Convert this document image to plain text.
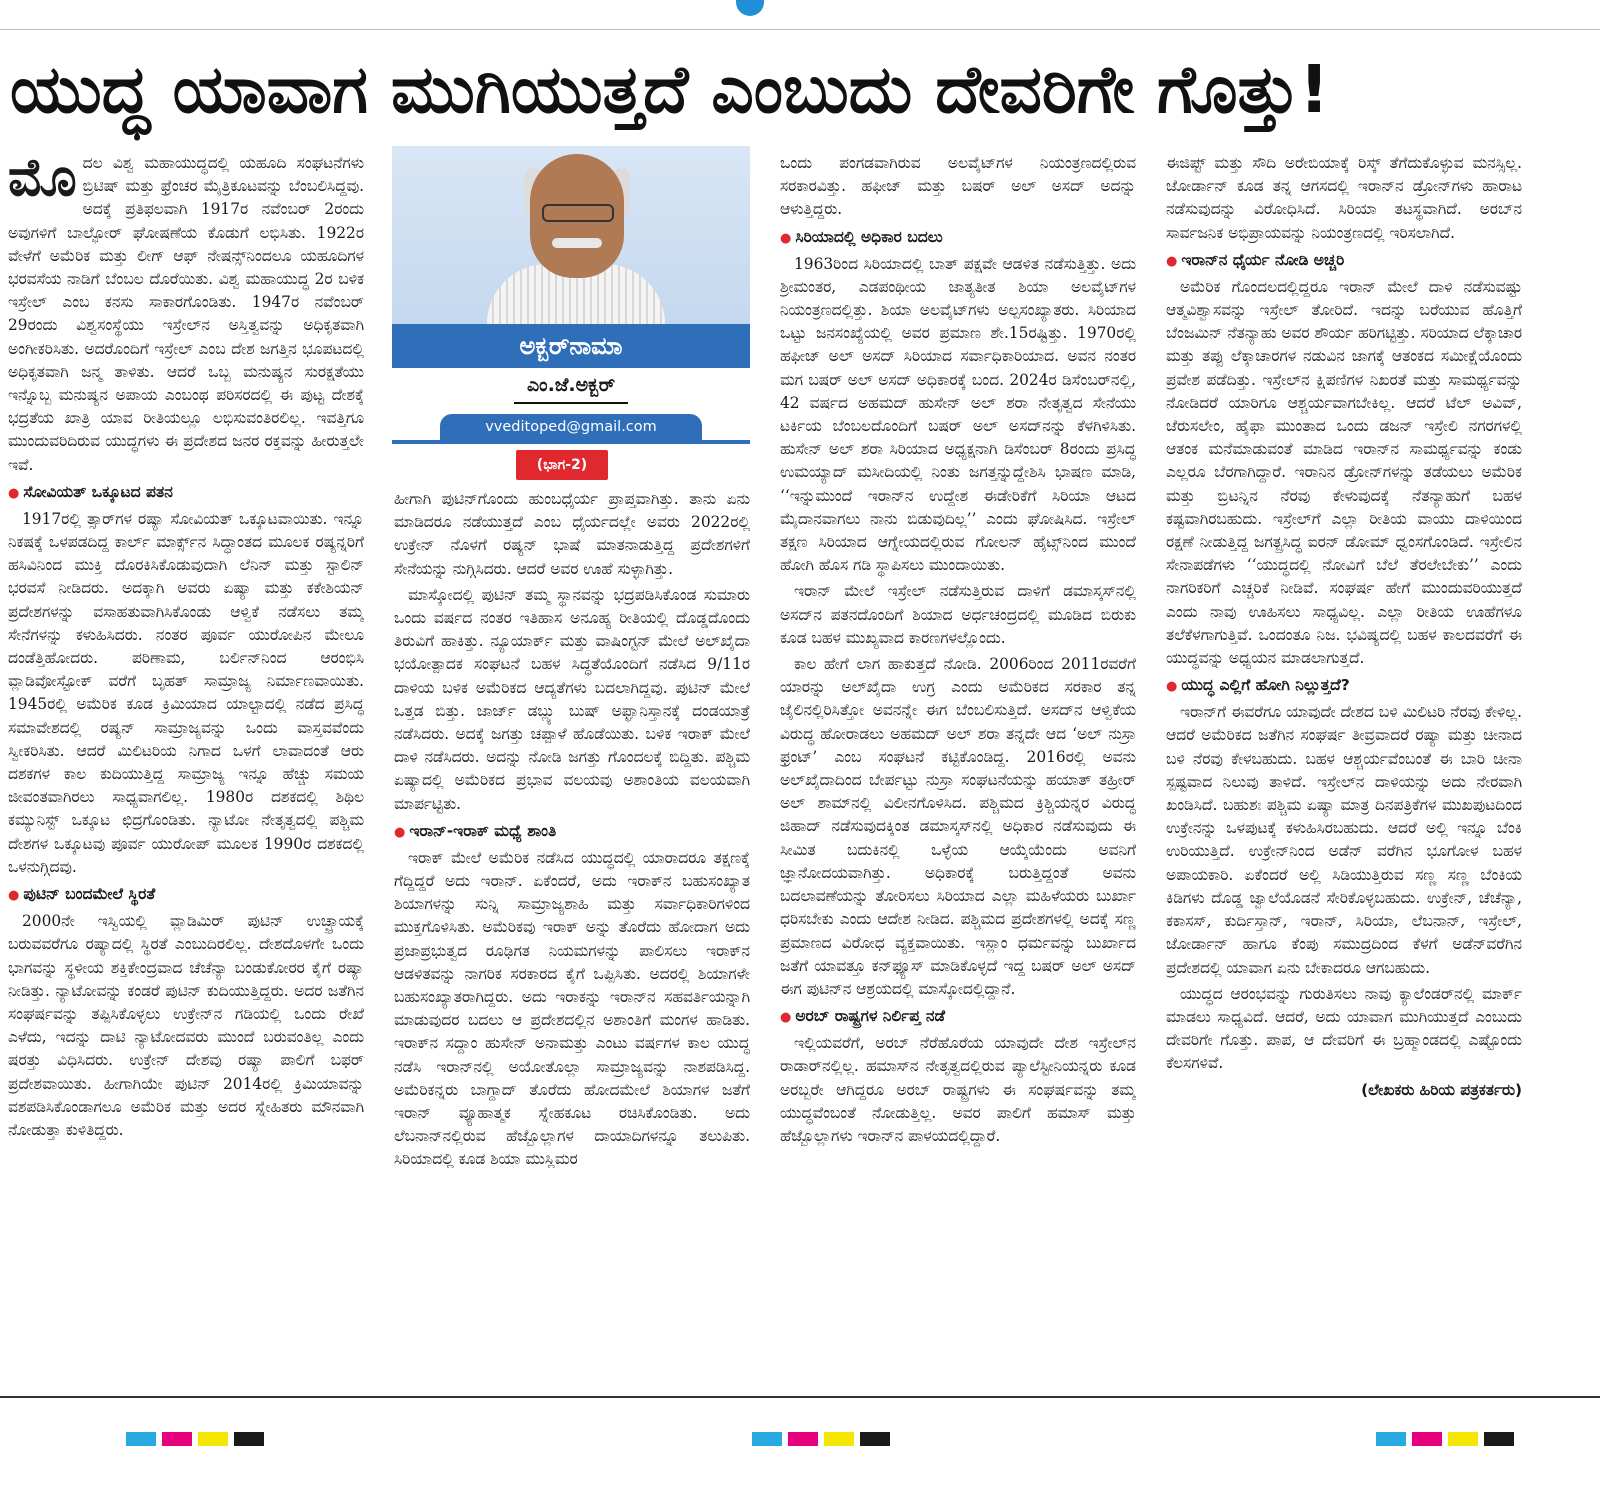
ಯುದ್ಧ ಯಾವಾಗ ಮುಗಿಯುತ್ತದೆ ಎಂಬುದು ದೇವರಿಗೇ ಗೊತ್ತು!

ಮೊದಲ ವಿಶ್ವ ಮಹಾಯುದ್ಧದಲ್ಲಿ ಯಹೂದಿ ಸಂಘಟನೆಗಳು ಬ್ರಿಟಿಷ್ ಮತ್ತು ಫ್ರೆಂಚರ ಮೈತ್ರಿಕೂಟವನ್ನು ಬೆಂಬಲಿಸಿದ್ದವು. ಅದಕ್ಕೆ ಪ್ರತಿಫಲವಾಗಿ 1917ರ ನವೆಂಬರ್ 2ರಂದು ಅವುಗಳಿಗೆ ಬಾಲ್ಫೋರ್ ಘೋಷಣೆಯ ಕೊಡುಗೆ ಲಭಿಸಿತು. 1922ರ ವೇಳೆಗೆ ಅಮೆರಿಕ ಮತ್ತು ಲೀಗ್ ಆಫ್ ನೇಷನ್ಸ್‌ನಿಂದಲೂ ಯಹೂದಿಗಳ ಭರವಸೆಯ ನಾಡಿಗೆ ಬೆಂಬಲ ದೊರೆಯಿತು. ವಿಶ್ವ ಮಹಾಯುದ್ಧ 2ರ ಬಳಿಕ ಇಸ್ರೇಲ್ ಎಂಬ ಕನಸು ಸಾಕಾರಗೊಂಡಿತು. 1947ರ ನವೆಂಬರ್ 29ರಂದು ವಿಶ್ವಸಂಸ್ಥೆಯು ಇಸ್ರೇಲ್‌ನ ಅಸ್ತಿತ್ವವನ್ನು ಅಧಿಕೃತವಾಗಿ ಅಂಗೀಕರಿಸಿತು. ಅದರೊಂದಿಗೆ ಇಸ್ರೇಲ್ ಎಂಬ ದೇಶ ಜಗತ್ತಿನ ಭೂಪಟದಲ್ಲಿ ಅಧಿಕೃತವಾಗಿ ಜನ್ಮ ತಾಳಿತು. ಆದರೆ ಒಬ್ಬ ಮನುಷ್ಯನ ಸುರಕ್ಷತೆಯು ಇನ್ನೊಬ್ಬ ಮನುಷ್ಯನ ಅಪಾಯ ಎಂಬಂಥ ಪರಿಸರದಲ್ಲಿ ಈ ಪುಟ್ಟ ದೇಶಕ್ಕೆ ಭದ್ರತೆಯ ಖಾತ್ರಿ ಯಾವ ರೀತಿಯಲ್ಲೂ ಲಭಿಸುವಂತಿರಲಿಲ್ಲ. ಇವತ್ತಿಗೂ ಮುಂದುವರಿದಿರುವ ಯುದ್ಧಗಳು ಈ ಪ್ರದೇಶದ ಜನರ ರಕ್ತವನ್ನು ಹೀರುತ್ತಲೇ ಇವೆ.

● ಸೋವಿಯತ್ ಒಕ್ಕೂಟದ ಪತನ

1917ರಲ್ಲಿ ತ್ಸಾರ್‌ಗಳ ರಷ್ಯಾ ಸೋವಿಯತ್ ಒಕ್ಕೂಟವಾಯಿತು. ಇನ್ನೂ ನಿಕಷಕ್ಕೆ ಒಳಪಡದಿದ್ದ ಕಾರ್ಲ್ ಮಾರ್ಕ್ಸ್‌ನ ಸಿದ್ಧಾಂತದ ಮೂಲಕ ರಷ್ಯನ್ನರಿಗೆ ಹಸಿವಿನಿಂದ ಮುಕ್ತಿ ದೊರಕಿಸಿಕೊಡುವುದಾಗಿ ಲೆನಿನ್ ಮತ್ತು ಸ್ಟಾಲಿನ್ ಭರವಸೆ ನೀಡಿದರು. ಅದಕ್ಕಾಗಿ ಅವರು ಏಷ್ಯಾ ಮತ್ತು ಕಕೇಶಿಯನ್ ಪ್ರದೇಶಗಳನ್ನು ವಸಾಹತುವಾಗಿಸಿಕೊಂಡು ಆಳ್ವಿಕೆ ನಡೆಸಲು ತಮ್ಮ ಸೇನೆಗಳನ್ನು ಕಳುಹಿಸಿದರು. ನಂತರ ಪೂರ್ವ ಯುರೋಪಿನ ಮೇಲೂ ದಂಡೆತ್ತಿಹೋದರು. ಪರಿಣಾಮ, ಬರ್ಲಿನ್‌ನಿಂದ ಆರಂಭಿಸಿ ವ್ಲಾಡಿವೋಸ್ಟೋಕ್ ವರೆಗೆ ಬೃಹತ್ ಸಾಮ್ರಾಜ್ಯ ನಿರ್ಮಾಣವಾಯಿತು. 1945ರಲ್ಲಿ ಅಮೆರಿಕ ಕೂಡ ಕ್ರಿಮಿಯಾದ ಯಾಲ್ಟಾದಲ್ಲಿ ನಡೆದ ಪ್ರಸಿದ್ಧ ಸಮಾವೇಶದಲ್ಲಿ ರಷ್ಯನ್ ಸಾಮ್ರಾಜ್ಯವನ್ನು ಒಂದು ವಾಸ್ತವವೆಂದು ಸ್ವೀಕರಿಸಿತು. ಆದರೆ ಮಿಲಿಟರಿಯ ನಿಗಾದ ಒಳಗೆ ಲಾವಾದಂತೆ ಆರು ದಶಕಗಳ ಕಾಲ ಕುದಿಯುತ್ತಿದ್ದ ಸಾಮ್ರಾಜ್ಯ ಇನ್ನೂ ಹೆಚ್ಚು ಸಮಯ ಜೀವಂತವಾಗಿರಲು ಸಾಧ್ಯವಾಗಲಿಲ್ಲ. 1980ರ ದಶಕದಲ್ಲಿ ಶಿಥಿಲ ಕಮ್ಯುನಿಸ್ಟ್ ಒಕ್ಕೂಟ ಛಿದ್ರಗೊಂಡಿತು. ನ್ಯಾಟೋ ನೇತೃತ್ವದಲ್ಲಿ ಪಶ್ಚಿಮ ದೇಶಗಳ ಒಕ್ಕೂಟವು ಪೂರ್ವ ಯುರೋಪ್ ಮೂಲಕ 1990ರ ದಶಕದಲ್ಲಿ ಒಳನುಗ್ಗಿದವು.

● ಪುಟಿನ್ ಬಂದಮೇಲೆ ಸ್ಥಿರತೆ

2000ನೇ ಇಸ್ವಿಯಲ್ಲಿ ವ್ಲಾಡಿಮಿರ್ ಪುಟಿನ್ ಉಚ್ಛ್ರಾಯಕ್ಕೆ ಬರುವವರೆಗೂ ರಷ್ಯಾದಲ್ಲಿ ಸ್ಥಿರತೆ ಎಂಬುದಿರಲಿಲ್ಲ. ದೇಶದೊಳಗೇ ಒಂದು ಭಾಗವನ್ನು ಸ್ಥಳೀಯ ಶಕ್ತಿಕೇಂದ್ರವಾದ ಚೆಚೆನ್ಯಾ ಬಂಡುಕೋರರ ಕೈಗೆ ರಷ್ಯಾ ನೀಡಿತ್ತು. ನ್ಯಾಟೋವನ್ನು ಕಂಡರೆ ಪುಟಿನ್ ಕುದಿಯುತ್ತಿದ್ದರು. ಅದರ ಜತೆಗಿನ ಸಂಘರ್ಷವನ್ನು ತಪ್ಪಿಸಿಕೊಳ್ಳಲು ಉಕ್ರೇನ್‌ನ ಗಡಿಯಲ್ಲಿ ಒಂದು ರೇಖೆ ಎಳೆದು, ಇದನ್ನು ದಾಟಿ ನ್ಯಾಟೋದವರು ಮುಂದೆ ಬರುವಂತಿಲ್ಲ ಎಂದು ಷರತ್ತು ವಿಧಿಸಿದರು. ಉಕ್ರೇನ್ ದೇಶವು ರಷ್ಯಾ ಪಾಲಿಗೆ ಬಫರ್ ಪ್ರದೇಶವಾಯಿತು. ಹೀಗಾಗಿಯೇ ಪುಟಿನ್ 2014ರಲ್ಲಿ ಕ್ರಿಮಿಯಾವನ್ನು ವಶಪಡಿಸಿಕೊಂಡಾಗಲೂ ಅಮೆರಿಕ ಮತ್ತು ಅದರ ಸ್ನೇಹಿತರು ಮೌನವಾಗಿ ನೋಡುತ್ತಾ ಕುಳಿತಿದ್ದರು.

ಅಕ್ಬರ್‌ನಾಮಾ
ಎಂ.ಜೆ.ಅಕ್ಬರ್
vveditoped@gmail.com
(ಭಾಗ-2)

ಹೀಗಾಗಿ ಪುಟಿನ್‌ಗೊಂದು ಹುಂಬಧೈರ್ಯ ಪ್ರಾಪ್ತವಾಗಿತ್ತು. ತಾನು ಏನು ಮಾಡಿದರೂ ನಡೆಯುತ್ತದೆ ಎಂಬ ಧೈರ್ಯದಲ್ಲೇ ಅವರು 2022ರಲ್ಲಿ ಉಕ್ರೇನ್ ನೊಳಗೆ ರಷ್ಯನ್ ಭಾಷೆ ಮಾತನಾಡುತ್ತಿದ್ದ ಪ್ರದೇಶಗಳಿಗೆ ಸೇನೆಯನ್ನು ನುಗ್ಗಿಸಿದರು. ಆದರೆ ಅವರ ಊಹೆ ಸುಳ್ಳಾಗಿತ್ತು.

ಮಾಸ್ಕೋದಲ್ಲಿ ಪುಟಿನ್ ತಮ್ಮ ಸ್ಥಾನವನ್ನು ಭದ್ರಪಡಿಸಿಕೊಂಡ ಸುಮಾರು ಒಂದು ವರ್ಷದ ನಂತರ ಇತಿಹಾಸ ಅನೂಹ್ಯ ರೀತಿಯಲ್ಲಿ ದೊಡ್ಡದೊಂದು ತಿರುವಿಗೆ ಹಾಕಿತ್ತು. ನ್ಯೂಯಾರ್ಕ್ ಮತ್ತು ವಾಷಿಂಗ್ಟನ್ ಮೇಲೆ ಅಲ್‌ಖೈದಾ ಭಯೋತ್ಪಾದಕ ಸಂಘಟನೆ ಬಹಳ ಸಿದ್ಧತೆಯೊಂದಿಗೆ ನಡೆಸಿದ 9/11ರ ದಾಳಿಯ ಬಳಿಕ ಅಮೆರಿಕದ ಆದ್ಯತೆಗಳು ಬದಲಾಗಿದ್ದವು. ಪುಟಿನ್ ಮೇಲೆ ಒತ್ತಡ ಬಿತ್ತು. ಜಾರ್ಜ್ ಡಬ್ಲ್ಯು ಬುಷ್ ಅಫ್ಘಾನಿಸ್ತಾನಕ್ಕೆ ದಂಡಯಾತ್ರೆ ನಡೆಸಿದರು. ಅದಕ್ಕೆ ಜಗತ್ತು ಚಪ್ಪಾಳೆ ಹೊಡೆಯಿತು. ಬಳಿಕ ಇರಾಕ್ ಮೇಲೆ ದಾಳಿ ನಡೆಸಿದರು. ಅದನ್ನು ನೋಡಿ ಜಗತ್ತು ಗೊಂದಲಕ್ಕೆ ಬಿದ್ದಿತು. ಪಶ್ಚಿಮ ಏಷ್ಯಾದಲ್ಲಿ ಅಮೆರಿಕದ ಪ್ರಭಾವ ವಲಯವು ಅಶಾಂತಿಯ ವಲಯವಾಗಿ ಮಾರ್ಪಟ್ಟಿತು.

● ಇರಾನ್-ಇರಾಕ್ ಮಧ್ಯೆ ಶಾಂತಿ

ಇರಾಕ್ ಮೇಲೆ ಅಮೆರಿಕ ನಡೆಸಿದ ಯುದ್ಧದಲ್ಲಿ ಯಾರಾದರೂ ತಕ್ಷಣಕ್ಕೆ ಗೆದ್ದಿದ್ದರೆ ಅದು ಇರಾನ್. ಏಕೆಂದರೆ, ಅದು ಇರಾಕ್‌ನ ಬಹುಸಂಖ್ಯಾತ ಶಿಯಾಗಳನ್ನು ಸುನ್ನಿ ಸಾಮ್ರಾಜ್ಯಶಾಹಿ ಮತ್ತು ಸರ್ವಾಧಿಕಾರಿಗಳಿಂದ ಮುಕ್ತಗೊಳಿಸಿತು. ಅಮೆರಿಕವು ಇರಾಕ್ ಅನ್ನು ತೊರೆದು ಹೋದಾಗ ಅದು ಪ್ರಜಾಪ್ರಭುತ್ವದ ರೂಢಿಗತ ನಿಯಮಗಳನ್ನು ಪಾಲಿಸಲು ಇರಾಕ್‌ನ ಆಡಳಿತವನ್ನು ನಾಗರಿಕ ಸರಕಾರದ ಕೈಗೆ ಒಪ್ಪಿಸಿತು. ಅದರಲ್ಲಿ ಶಿಯಾಗಳೇ ಬಹುಸಂಖ್ಯಾತರಾಗಿದ್ದರು. ಅದು ಇರಾಕನ್ನು ಇರಾನ್‌ನ ಸಹವರ್ತಿಯನ್ನಾಗಿ ಮಾಡುವುದರ ಬದಲು ಆ ಪ್ರದೇಶದಲ್ಲಿನ ಅಶಾಂತಿಗೆ ಮಂಗಳ ಹಾಡಿತು. ಇರಾಕ್‌ನ ಸದ್ದಾಂ ಹುಸೇನ್ ಅನಾಮತ್ತು ಎಂಟು ವರ್ಷಗಳ ಕಾಲ ಯುದ್ಧ ನಡೆಸಿ ಇರಾನ್‌ನಲ್ಲಿ ಅಯೋತೊಲ್ಲಾ ಸಾಮ್ರಾಜ್ಯವನ್ನು ನಾಶಪಡಿಸಿದ್ದ. ಅಮೆರಿಕನ್ನರು ಬಾಗ್ದಾದ್ ತೊರೆದು ಹೋದಮೇಲೆ ಶಿಯಾಗಳ ಜತೆಗೆ ಇರಾನ್ ವ್ಯೂಹಾತ್ಮಕ ಸ್ನೇಹಕೂಟ ರಚಿಸಿಕೊಂಡಿತು. ಅದು ಲೆಬನಾನ್‌ನಲ್ಲಿರುವ ಹೆಜ್ಬೊಲ್ಲಾಗಳ ದಾಯಾದಿಗಳನ್ನೂ ತಲುಪಿತು. ಸಿರಿಯಾದಲ್ಲಿ ಕೂಡ ಶಿಯಾ ಮುಸ್ಲಿಮರ

ಒಂದು ಪಂಗಡವಾಗಿರುವ ಅಲವೈಟ್‌ಗಳ ನಿಯಂತ್ರಣದಲ್ಲಿರುವ ಸರಕಾರವಿತ್ತು. ಹಫೀಜ್ ಮತ್ತು ಬಷರ್ ಅಲ್ ಅಸದ್ ಅದನ್ನು ಆಳುತ್ತಿದ್ದರು.

● ಸಿರಿಯಾದಲ್ಲಿ ಅಧಿಕಾರ ಬದಲು

1963ರಿಂದ ಸಿರಿಯಾದಲ್ಲಿ ಬಾತ್ ಪಕ್ಷವೇ ಆಡಳಿತ ನಡೆಸುತ್ತಿತ್ತು. ಅದು ಶ್ರೀಮಂತರ, ಎಡಪಂಥೀಯ ಜಾತ್ಯತೀತ ಶಿಯಾ ಅಲವೈಟ್‌ಗಳ ನಿಯಂತ್ರಣದಲ್ಲಿತ್ತು. ಶಿಯಾ ಅಲವೈಟ್‌ಗಳು ಅಲ್ಪಸಂಖ್ಯಾತರು. ಸಿರಿಯಾದ ಒಟ್ಟು ಜನಸಂಖ್ಯೆಯಲ್ಲಿ ಅವರ ಪ್ರಮಾಣ ಶೇ.15ರಷ್ಟಿತ್ತು. 1970ರಲ್ಲಿ ಹಫೀಜ್ ಅಲ್ ಅಸದ್ ಸಿರಿಯಾದ ಸರ್ವಾಧಿಕಾರಿಯಾದ. ಅವನ ನಂತರ ಮಗ ಬಷರ್ ಅಲ್ ಅಸದ್ ಅಧಿಕಾರಕ್ಕೆ ಬಂದ. 2024ರ ಡಿಸೆಂಬರ್‌ನಲ್ಲಿ, 42 ವರ್ಷದ ಅಹಮದ್ ಹುಸೇನ್ ಅಲ್ ಶರಾ ನೇತೃತ್ವದ ಸೇನೆಯು ಟರ್ಕಿಯ ಬೆಂಬಲದೊಂದಿಗೆ ಬಷರ್ ಅಲ್ ಅಸದ್‌ನನ್ನು ಕೆಳಗಿಳಿಸಿತು. ಹುಸೇನ್ ಅಲ್ ಶರಾ ಸಿರಿಯಾದ ಅಧ್ಯಕ್ಷನಾಗಿ ಡಿಸೆಂಬರ್ 8ರಂದು ಪ್ರಸಿದ್ಧ ಉಮಯ್ಯಾದ್ ಮಸೀದಿಯಲ್ಲಿ ನಿಂತು ಜಗತ್ತನ್ನುದ್ದೇಶಿಸಿ ಭಾಷಣ ಮಾಡಿ, ‘‘ಇನ್ನುಮುಂದೆ ಇರಾನ್‌ನ ಉದ್ದೇಶ ಈಡೇರಿಕೆಗೆ ಸಿರಿಯಾ ಆಟದ ಮೈದಾನವಾಗಲು ನಾನು ಬಿಡುವುದಿಲ್ಲ’’ ಎಂದು ಘೋಷಿಸಿದ. ಇಸ್ರೇಲ್ ತಕ್ಷಣ ಸಿರಿಯಾದ ಆಗ್ನೇಯದಲ್ಲಿರುವ ಗೋಲನ್ ಹೈಟ್ಸ್‌ನಿಂದ ಮುಂದೆ ಹೋಗಿ ಹೊಸ ಗಡಿ ಸ್ಥಾಪಿಸಲು ಮುಂದಾಯಿತು.

ಇರಾನ್ ಮೇಲೆ ಇಸ್ರೇಲ್ ನಡೆಸುತ್ತಿರುವ ದಾಳಿಗೆ ಡಮಾಸ್ಕಸ್‌ನಲ್ಲಿ ಅಸದ್‌ನ ಪತನದೊಂದಿಗೆ ಶಿಯಾದ ಅರ್ಧಚಂದ್ರದಲ್ಲಿ ಮೂಡಿದ ಬಿರುಕು ಕೂಡ ಬಹಳ ಮುಖ್ಯವಾದ ಕಾರಣಗಳಲ್ಲೊಂದು.

ಕಾಲ ಹೇಗೆ ಲಾಗ ಹಾಕುತ್ತದೆ ನೋಡಿ. 2006ರಿಂದ 2011ರವರೆಗೆ ಯಾರನ್ನು ಅಲ್‌ಖೈದಾ ಉಗ್ರ ಎಂದು ಅಮೆರಿಕದ ಸರಕಾರ ತನ್ನ ಜೈಲಿನಲ್ಲಿರಿಸಿತ್ತೋ ಅವನನ್ನೇ ಈಗ ಬೆಂಬಲಿಸುತ್ತಿದೆ. ಅಸದ್‌ನ ಆಳ್ವಿಕೆಯ ವಿರುದ್ಧ ಹೋರಾಡಲು ಅಹಮದ್ ಅಲ್ ಶರಾ ತನ್ನದೇ ಆದ ‘ಅಲ್ ನುಸ್ರಾ ಫ್ರಂಟ್’ ಎಂಬ ಸಂಘಟನೆ ಕಟ್ಟಿಕೊಂಡಿದ್ದ. 2016ರಲ್ಲಿ ಅವನು ಅಲ್‌ಖೈದಾದಿಂದ ಬೇರ್ಪಟ್ಟು ನುಸ್ರಾ ಸಂಘಟನೆಯನ್ನು ಹಯಾತ್ ತಹ್ರೀರ್ ಅಲ್ ಶಾಮ್‌ನಲ್ಲಿ ವಿಲೀನಗೊಳಿಸಿದ. ಪಶ್ಚಿಮದ ಕ್ರಿಶ್ಚಿಯನ್ನರ ವಿರುದ್ಧ ಜಿಹಾದ್ ನಡೆಸುವುದಕ್ಕಿಂತ ಡಮಾಸ್ಕಸ್‌ನಲ್ಲಿ ಅಧಿಕಾರ ನಡೆಸುವುದು ಈ ಸೀಮಿತ ಬದುಕಿನಲ್ಲಿ ಒಳ್ಳೆಯ ಆಯ್ಕೆಯೆಂದು ಅವನಿಗೆ ಜ್ಞಾನೋದಯವಾಗಿತ್ತು. ಅಧಿಕಾರಕ್ಕೆ ಬರುತ್ತಿದ್ದಂತೆ ಅವನು ಬದಲಾವಣೆಯನ್ನು ತೋರಿಸಲು ಸಿರಿಯಾದ ಎಲ್ಲಾ ಮಹಿಳೆಯರು ಬುರ್ಖಾ ಧರಿಸಬೇಕು ಎಂದು ಆದೇಶ ನೀಡಿದ. ಪಶ್ಚಿಮದ ಪ್ರದೇಶಗಳಲ್ಲಿ ಅದಕ್ಕೆ ಸಣ್ಣ ಪ್ರಮಾಣದ ವಿರೋಧ ವ್ಯಕ್ತವಾಯಿತು. ಇಸ್ಲಾಂ ಧರ್ಮವನ್ನು ಬುರ್ಖಾದ ಜತೆಗೆ ಯಾವತ್ತೂ ಕನ್‌ಫ್ಯೂಸ್ ಮಾಡಿಕೊಳ್ಳದೆ ಇದ್ದ ಬಷರ್ ಅಲ್ ಅಸದ್ ಈಗ ಪುಟಿನ್‌ನ ಆಶ್ರಯದಲ್ಲಿ ಮಾಸ್ಕೋದಲ್ಲಿದ್ದಾನೆ.

● ಅರಬ್ ರಾಷ್ಟ್ರಗಳ ನಿರ್ಲಿಪ್ತ ನಡೆ

ಇಲ್ಲಿಯವರೆಗೆ, ಅರಬ್ ನೆರೆಹೊರೆಯ ಯಾವುದೇ ದೇಶ ಇಸ್ರೇಲ್‌ನ ರಾಡಾರ್‌ನಲ್ಲಿಲ್ಲ. ಹಮಾಸ್‌ನ ನೇತೃತ್ವದಲ್ಲಿರುವ ಪ್ಯಾಲೆಸ್ಟೀನಿಯನ್ನರು ಕೂಡ ಅರಬ್ಬರೇ ಆಗಿದ್ದರೂ ಅರಬ್ ರಾಷ್ಟ್ರಗಳು ಈ ಸಂಘರ್ಷವನ್ನು ತಮ್ಮ ಯುದ್ಧವೆಂಬಂತೆ ನೋಡುತ್ತಿಲ್ಲ. ಅವರ ಪಾಲಿಗೆ ಹಮಾಸ್ ಮತ್ತು ಹೆಜ್ಬೊಲ್ಲಾಗಳು ಇರಾನ್‌ನ ಪಾಳಯದಲ್ಲಿದ್ದಾರೆ.

ಈಜಿಪ್ಟ್ ಮತ್ತು ಸೌದಿ ಅರೇಬಿಯಾಕ್ಕೆ ರಿಸ್ಕ್ ತೆಗೆದುಕೊಳ್ಳುವ ಮನಸ್ಸಿಲ್ಲ. ಜೋರ್ಡಾನ್ ಕೂಡ ತನ್ನ ಆಗಸದಲ್ಲಿ ಇರಾನ್‌ನ ಡ್ರೋನ್‌ಗಳು ಹಾರಾಟ ನಡೆಸುವುದನ್ನು ವಿರೋಧಿಸಿದೆ. ಸಿರಿಯಾ ತಟಸ್ಥವಾಗಿದೆ. ಅರಬ್‌ನ ಸಾರ್ವಜನಿಕ ಅಭಿಪ್ರಾಯವನ್ನು ನಿಯಂತ್ರಣದಲ್ಲಿ ಇರಿಸಲಾಗಿದೆ.

● ಇರಾನ್‌ನ ಧೈರ್ಯ ನೋಡಿ ಅಚ್ಚರಿ

ಅಮೆರಿಕ ಗೊಂದಲದಲ್ಲಿದ್ದರೂ ಇರಾನ್ ಮೇಲೆ ದಾಳಿ ನಡೆಸುವಷ್ಟು ಆತ್ಮವಿಶ್ವಾಸವನ್ನು ಇಸ್ರೇಲ್ ತೋರಿದೆ. ಇದನ್ನು ಬರೆಯುವ ಹೊತ್ತಿಗೆ ಬೆಂಜಮಿನ್ ನೆತನ್ಯಾಹು ಅವರ ಶೌರ್ಯ ಹರಿಗಟ್ಟಿತ್ತು. ಸರಿಯಾದ ಲೆಕ್ಕಾಚಾರ ಮತ್ತು ತಪ್ಪು ಲೆಕ್ಕಾಚಾರಗಳ ನಡುವಿನ ಜಾಗಕ್ಕೆ ಆತಂಕದ ಸಮೀಕ್ಷೆಯೊಂದು ಪ್ರವೇಶ ಪಡೆದಿತ್ತು. ಇಸ್ರೇಲ್‌ನ ಕ್ಷಿಪಣಿಗಳ ನಿಖರತೆ ಮತ್ತು ಸಾಮರ್ಥ್ಯವನ್ನು ನೋಡಿದರೆ ಯಾರಿಗೂ ಆಶ್ಚರ್ಯವಾಗಬೇಕಿಲ್ಲ. ಆದರೆ ಟೆಲ್ ಅವಿವ್, ಜೆರುಸಲೇಂ, ಹೈಫಾ ಮುಂತಾದ ಒಂದು ಡಜನ್ ಇಸ್ರೇಲಿ ನಗರಗಳಲ್ಲಿ ಆತಂಕ ಮನೆಮಾಡುವಂತೆ ಮಾಡಿದ ಇರಾನ್‌ನ ಸಾಮರ್ಥ್ಯವನ್ನು ಕಂಡು ಎಲ್ಲರೂ ಬೆರಗಾಗಿದ್ದಾರೆ. ಇರಾನಿನ ಡ್ರೋನ್‌ಗಳನ್ನು ತಡೆಯಲು ಅಮೆರಿಕ ಮತ್ತು ಬ್ರಿಟನ್ನಿನ ನೆರವು ಕೇಳುವುದಕ್ಕೆ ನೆತನ್ಯಾಹುಗೆ ಬಹಳ ಕಷ್ಟವಾಗಿರಬಹುದು. ಇಸ್ರೇಲ್‌ಗೆ ಎಲ್ಲಾ ರೀತಿಯ ವಾಯು ದಾಳಿಯಿಂದ ರಕ್ಷಣೆ ನೀಡುತ್ತಿದ್ದ ಜಗತ್ಪ್ರಸಿದ್ಧ ಐರನ್ ಡೋಮ್ ಧ್ವಂಸಗೊಂಡಿದೆ. ಇಸ್ರೇಲಿನ ಸೇನಾಪಡೆಗಳು ‘‘ಯುದ್ಧದಲ್ಲಿ ನೋವಿಗೆ ಬೆಲೆ ತೆರಲೇಬೇಕು’’ ಎಂದು ನಾಗರಿಕರಿಗೆ ಎಚ್ಚರಿಕೆ ನೀಡಿವೆ. ಸಂಘರ್ಷ ಹೇಗೆ ಮುಂದುವರಿಯುತ್ತದೆ ಎಂದು ನಾವು ಊಹಿಸಲು ಸಾಧ್ಯವಿಲ್ಲ. ಎಲ್ಲಾ ರೀತಿಯ ಊಹೆಗಳೂ ತಲೆಕೆಳಗಾಗುತ್ತಿವೆ. ಒಂದಂತೂ ನಿಜ. ಭವಿಷ್ಯದಲ್ಲಿ ಬಹಳ ಕಾಲದವರೆಗೆ ಈ ಯುದ್ಧವನ್ನು ಅಧ್ಯಯನ ಮಾಡಲಾಗುತ್ತದೆ.

● ಯುದ್ಧ ಎಲ್ಲಿಗೆ ಹೋಗಿ ನಿಲ್ಲುತ್ತದೆ?

ಇರಾನ್‌ಗೆ ಈವರೆಗೂ ಯಾವುದೇ ದೇಶದ ಬಳಿ ಮಿಲಿಟರಿ ನೆರವು ಕೇಳಿಲ್ಲ. ಆದರೆ ಅಮೆರಿಕದ ಜತೆಗಿನ ಸಂಘರ್ಷ ತೀವ್ರವಾದರೆ ರಷ್ಯಾ ಮತ್ತು ಚೀನಾದ ಬಳಿ ನೆರವು ಕೇಳಬಹುದು. ಬಹಳ ಆಶ್ಚರ್ಯವೆಂಬಂತೆ ಈ ಬಾರಿ ಚೀನಾ ಸ್ಪಷ್ಟವಾದ ನಿಲುವು ತಾಳಿದೆ. ಇಸ್ರೇಲ್‌ನ ದಾಳಿಯನ್ನು ಅದು ನೇರವಾಗಿ ಖಂಡಿಸಿದೆ. ಬಹುಶಃ ಪಶ್ಚಿಮ ಏಷ್ಯಾ ಮಾತ್ರ ದಿನಪತ್ರಿಕೆಗಳ ಮುಖಪುಟದಿಂದ ಉಕ್ರೇನನ್ನು ಒಳಪುಟಕ್ಕೆ ಕಳುಹಿಸಿರಬಹುದು. ಆದರೆ ಅಲ್ಲಿ ಇನ್ನೂ ಬೆಂಕಿ ಉರಿಯುತ್ತಿದೆ. ಉಕ್ರೇನ್‌ನಿಂದ ಅಡೆನ್ ವರೆಗಿನ ಭೂಗೋಳ ಬಹಳ ಅಪಾಯಕಾರಿ. ಏಕೆಂದರೆ ಅಲ್ಲಿ ಸಿಡಿಯುತ್ತಿರುವ ಸಣ್ಣ ಸಣ್ಣ ಬೆಂಕಿಯ ಕಿಡಿಗಳು ದೊಡ್ಡ ಜ್ವಾಲೆಯೊಡನೆ ಸೇರಿಕೊಳ್ಳಬಹುದು. ಉಕ್ರೇನ್, ಚೆಚೆನ್ಯಾ, ಕಕಾಸಸ್, ಕುರ್ದಿಸ್ತಾನ್, ಇರಾನ್, ಸಿರಿಯಾ, ಲೆಬನಾನ್, ಇಸ್ರೇಲ್, ಜೋರ್ಡಾನ್ ಹಾಗೂ ಕೆಂಪು ಸಮುದ್ರದಿಂದ ಕೆಳಗೆ ಅಡೆನ್‌ವರೆಗಿನ ಪ್ರದೇಶದಲ್ಲಿ ಯಾವಾಗ ಏನು ಬೇಕಾದರೂ ಆಗಬಹುದು.

ಯುದ್ಧದ ಆರಂಭವನ್ನು ಗುರುತಿಸಲು ನಾವು ಕ್ಯಾಲೆಂಡರ್‌ನಲ್ಲಿ ಮಾರ್ಕ್ ಮಾಡಲು ಸಾಧ್ಯವಿದೆ. ಆದರೆ, ಅದು ಯಾವಾಗ ಮುಗಿಯುತ್ತದೆ ಎಂಬುದು ದೇವರಿಗೇ ಗೊತ್ತು. ಪಾಪ, ಆ ದೇವರಿಗೆ ಈ ಬ್ರಹ್ಮಾಂಡದಲ್ಲಿ ಎಷ್ಟೊಂದು ಕೆಲಸಗಳಿವೆ.

(ಲೇಖಕರು ಹಿರಿಯ ಪತ್ರಕರ್ತರು)
